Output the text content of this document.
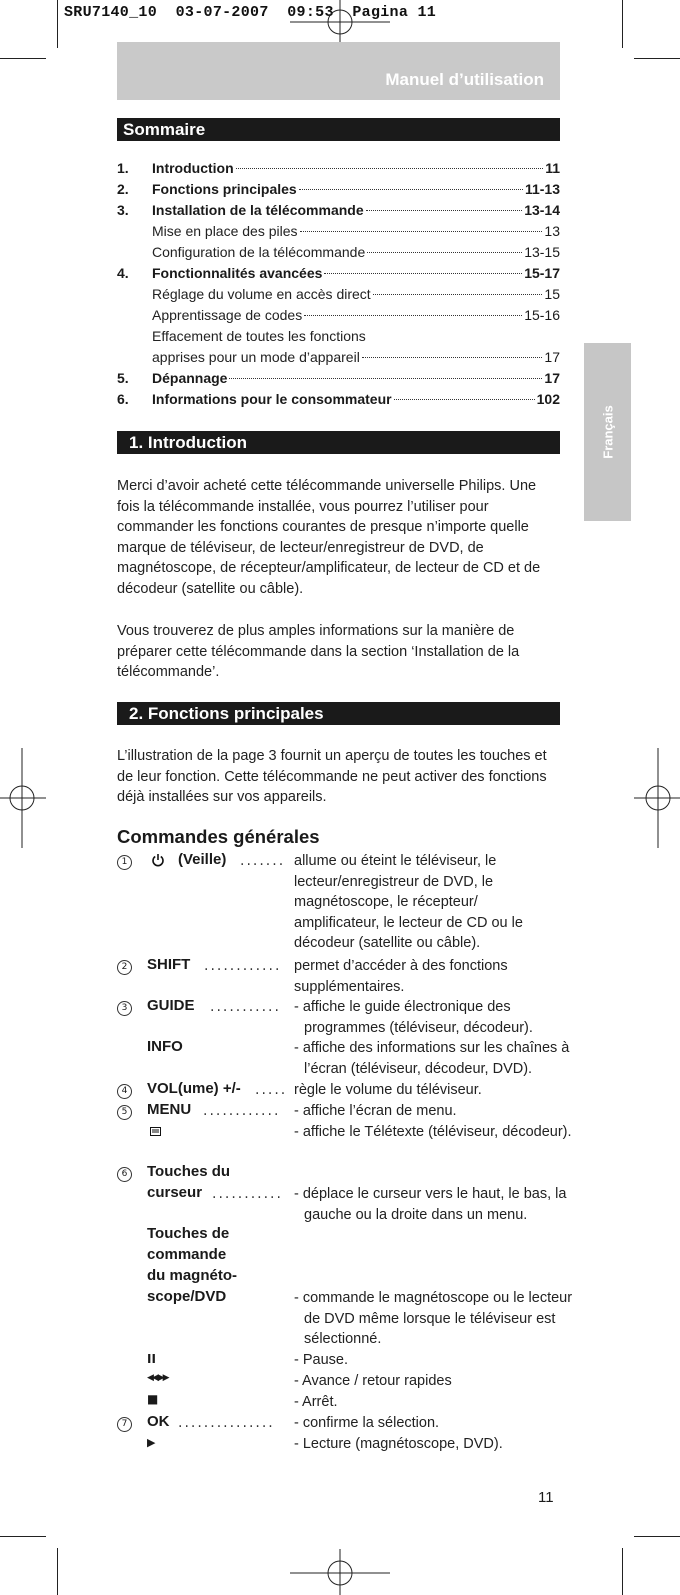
SRU7140_10  03-07-2007  09:53  Pagina 11
Manuel d’utilisation
Français
Sommaire
1.	Introduction	11
2.	Fonctions principales	11-13
3.	Installation de la télécommande	13-14
Mise en place des piles	13
Configuration de la télécommande	13-15
4.	Fonctionnalités avancées	15-17
Réglage du volume en accès direct	15
Apprentissage de codes	15-16
Effacement de toutes les fonctions
apprises pour un mode d’appareil	17
5.	Dépannage	17
6.	Informations pour le consommateur	102
1. Introduction
Merci d’avoir acheté cette télécommande universelle Philips. Une fois la télécommande installée, vous pourrez l’utiliser pour commander les fonctions courantes de presque n’importe quelle marque de téléviseur, de lecteur/enregistreur de DVD, de magnétoscope, de récepteur/amplificateur, de lecteur de CD et de décodeur (satellite ou câble).
Vous trouverez de plus amples informations sur la manière de préparer cette télécommande dans la section ‘Installation de la télécommande’.
2. Fonctions principales
L’illustration de la page 3 fournit un aperçu de toutes les touches et de leur fonction. Cette télécommande ne peut activer des fonctions déjà installées sur vos appareils.
Commandes générales
1	(Veille) ....... allume ou éteint le téléviseur, le lecteur/enregistreur de DVD, le magnétoscope, le récepteur/ amplificateur, le lecteur de CD ou le décodeur (satellite ou câble).
2	SHIFT ............ permet d’accéder à des fonctions supplémentaires.
3	GUIDE ........... - affiche le guide électronique des programmes (téléviseur, décodeur).
INFO	- affiche des informations sur les chaînes à l’écran (téléviseur, décodeur, DVD).
4	VOL(ume) +/- ..... règle le volume du téléviseur.
5	MENU ............ - affiche l’écran de menu.
- affiche le Télétexte (téléviseur, décodeur).
6	Touches du
curseur ........... - déplace le curseur vers le haut, le bas, la gauche ou la droite dans un menu.
Touches de
commande
du magnéto-
scope/DVD	- commande le magnétoscope ou le lecteur de DVD même lorsque le téléviseur est sélectionné.
II	- Pause.
◀◀ ▶▶	- Avance / retour rapides
■	- Arrêt.
7	OK ............... - confirme la sélection.
▶	- Lecture (magnétoscope, DVD).
11
